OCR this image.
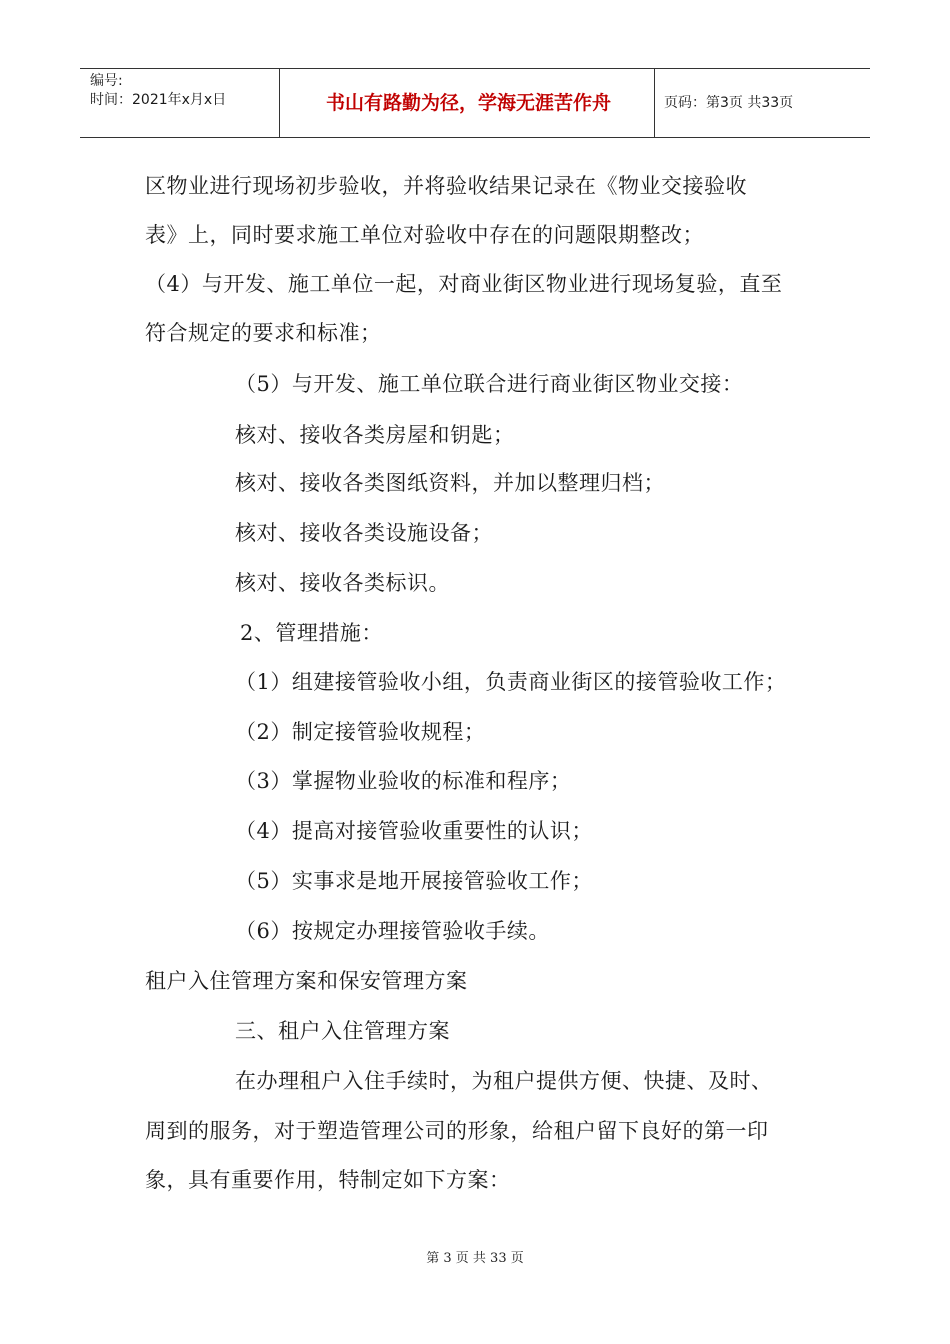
编号:
时间：2021年x月x日	书山有路勤为径，学海无涯苦作舟	页码：第3页 共33页
区物业进行现场初步验收，并将验收结果记录在《物业交接验收
表》上，同时要求施工单位对验收中存在的问题限期整改；
（4）与开发、施工单位一起，对商业街区物业进行现场复验，直至
符合规定的要求和标准；
（5）与开发、施工单位联合进行商业街区物业交接：
核对、接收各类房屋和钥匙；
核对、接收各类图纸资料，并加以整理归档；
核对、接收各类设施设备；
核对、接收各类标识。
2、管理措施：
（1）组建接管验收小组，负责商业街区的接管验收工作；
（2）制定接管验收规程；
（3）掌握物业验收的标准和程序；
（4）提高对接管验收重要性的认识；
（5）实事求是地开展接管验收工作；
（6）按规定办理接管验收手续。
租户入住管理方案和保安管理方案
三、租户入住管理方案
在办理租户入住手续时，为租户提供方便、快捷、及时、
周到的服务，对于塑造管理公司的形象，给租户留下良好的第一印
象，具有重要作用，特制定如下方案：
第 3 页 共 33 页
